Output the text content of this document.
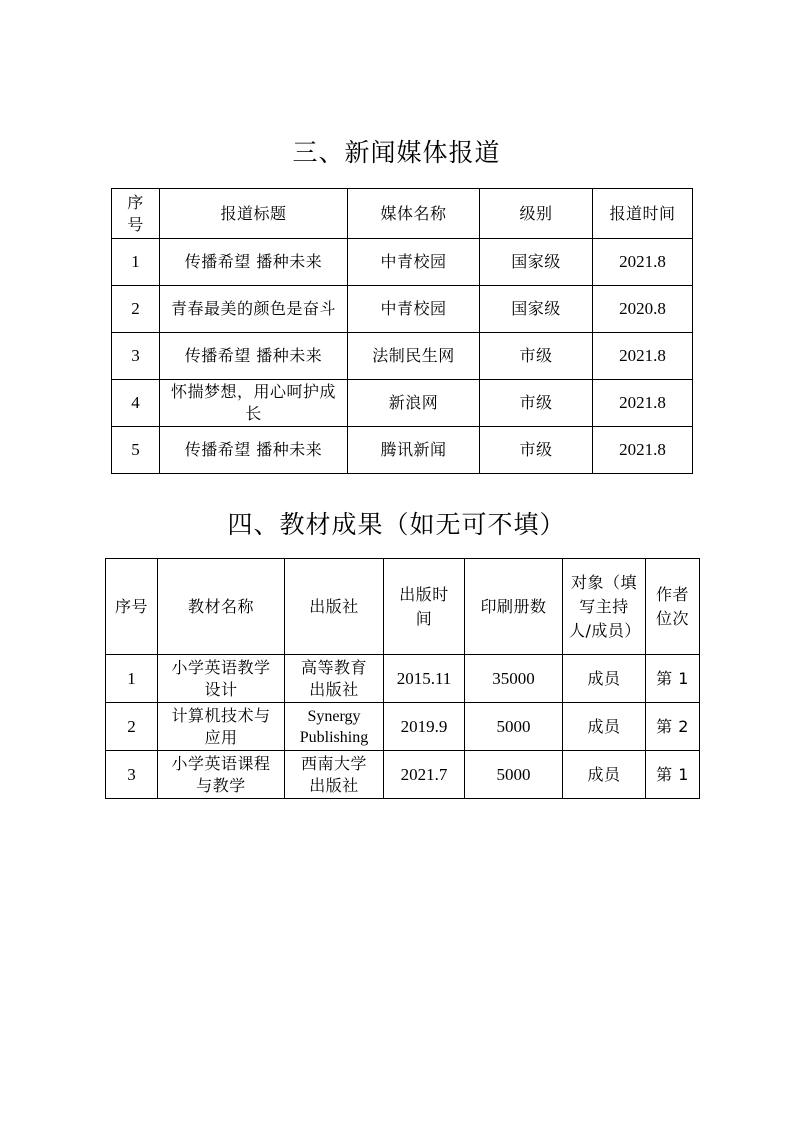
三、新闻媒体报道
序号	报道标题	媒体名称	级别	报道时间
1	传播希望 播种未来	中青校园	国家级	2021.8
2	青春最美的颜色是奋斗	中青校园	国家级	2020.8
3	传播希望 播种未来	法制民生网	市级	2021.8
4	怀揣梦想，用心呵护成长	新浪网	市级	2021.8
5	传播希望 播种未来	腾讯新闻	市级	2021.8
四、教材成果（如无可不填）
序号	教材名称	出版社	出版时间	印刷册数	对象（填写主持人/成员）	作者位次
1	小学英语教学设计	高等教育出版社	2015.11	35000	成员	第 1
2	计算机技术与应用	Synergy Publishing	2019.9	5000	成员	第 2
3	小学英语课程与教学	西南大学出版社	2021.7	5000	成员	第 1
